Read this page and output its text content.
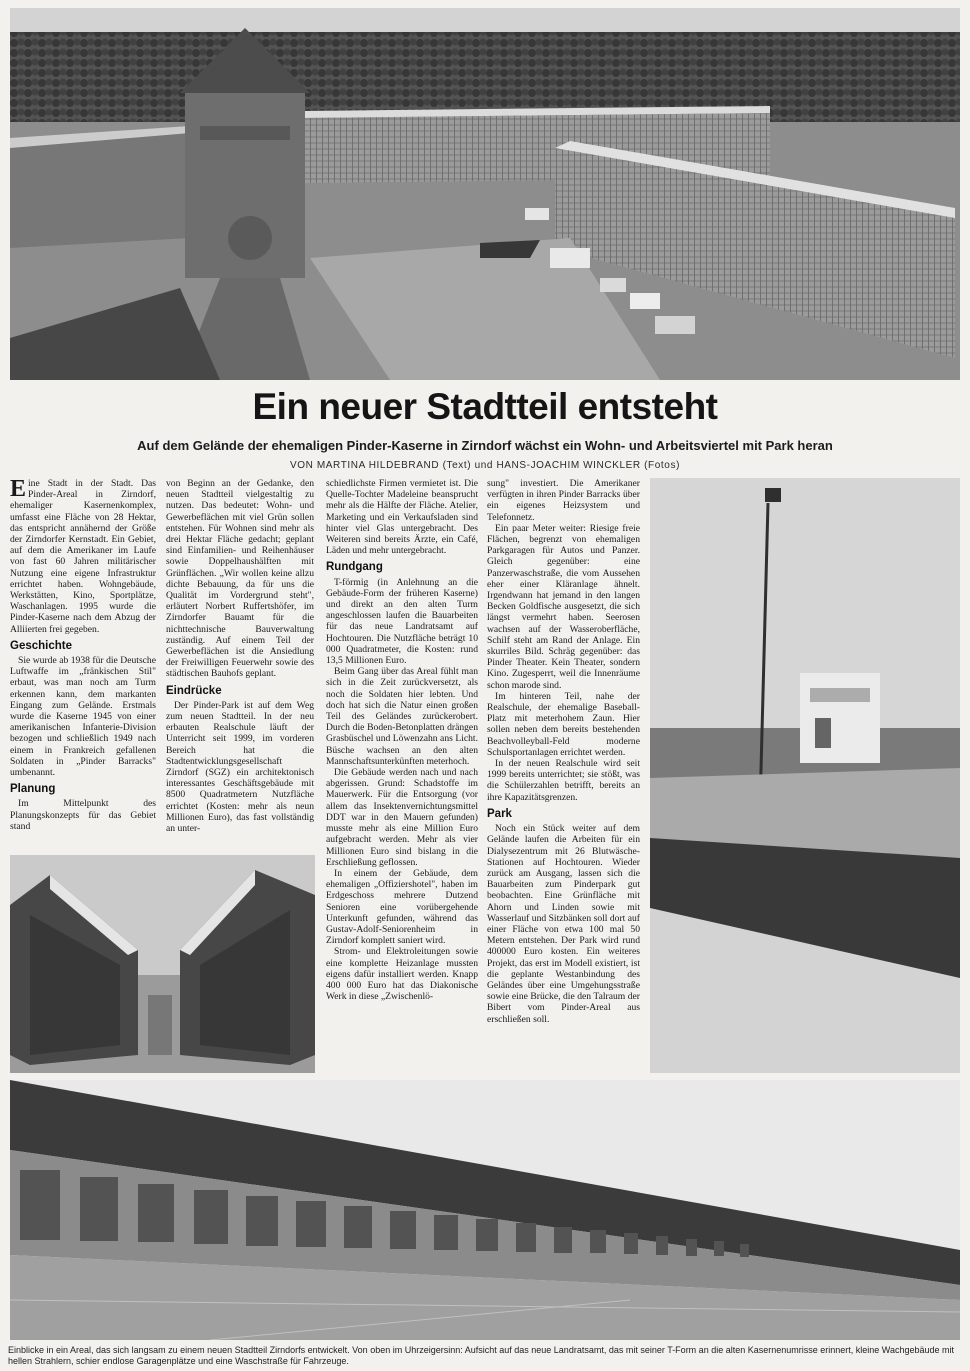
Ein neuer Stadtteil entsteht
Auf dem Gelände der ehemaligen Pinder-Kaserne in Zirndorf wächst ein Wohn- und Arbeitsviertel mit Park heran

VON MARTINA HILDEBRAND (Text) und HANS-JOACHIM WINCKLER (Fotos)

Eine Stadt in der Stadt. Das Pinder-Areal in Zirndorf, ehemaliger Kasernenkomplex, umfasst eine Fläche von 28 Hektar, das entspricht annähernd der Größe der Zirndorfer Kernstadt. Ein Gebiet, auf dem die Amerikaner im Laufe von fast 60 Jahren militärischer Nutzung eine eigene Infrastruktur errichtet haben. Wohngebäude, Werkstätten, Kino, Sportplätze, Waschanlagen. 1995 wurde die Pinder-Kaserne nach dem Abzug der Alliierten frei gegeben.

Geschichte

Sie wurde ab 1938 für die Deutsche Luftwaffe im „fränkischen Stil" erbaut, was man noch am Turm erkennen kann, dem markanten Eingang zum Gelände. Erstmals wurde die Kaserne 1945 von einer amerikanischen Infanterie-Division bezogen und schließlich 1949 nach einem in Frankreich gefallenen Soldaten in „Pinder Barracks" umbenannt.

Planung

Im Mittelpunkt des Planungskonzepts für das Gebiet stand

von Beginn an der Gedanke, den neuen Stadtteil vielgestaltig zu nutzen. Das bedeutet: Wohn- und Gewerbeflächen mit viel Grün sollen entstehen. Für Wohnen sind mehr als drei Hektar Fläche gedacht; geplant sind Einfamilien- und Reihenhäuser sowie Doppelhaushälften mit Grünflächen. „Wir wollen keine allzu dichte Bebauung, da für uns die Qualität im Vordergrund steht", erläutert Norbert Ruffertshöfer, im Zirndorfer Bauamt für die nichttechnische Bauverwaltung zuständig. Auf einem Teil der Gewerbeflächen ist die Ansiedlung der Freiwilligen Feuerwehr sowie des städtischen Bauhofs geplant.

Eindrücke

Der Pinder-Park ist auf dem Weg zum neuen Stadtteil. In der neu erbauten Realschule läuft der Unterricht seit 1999, im vorderen Bereich hat die Stadtentwicklungsgesellschaft Zirndorf (SGZ) ein architektonisch interessantes Geschäftsgebäude mit 8500 Quadratmetern Nutzfläche errichtet (Kosten: mehr als neun Millionen Euro), das fast vollständig an unter-

schiedlichste Firmen vermietet ist. Die Quelle-Tochter Madeleine beansprucht mehr als die Hälfte der Fläche. Atelier, Marketing und ein Verkaufsladen sind hinter viel Glas untergebracht. Des Weiteren sind bereits Ärzte, ein Café, Läden und mehr untergebracht.

Rundgang

T-förmig (in Anlehnung an die Gebäude-Form der früheren Kaserne) und direkt an den alten Turm angeschlossen laufen die Bauarbeiten für das neue Landratsamt auf Hochtouren. Die Nutzfläche beträgt 10 000 Quadratmeter, die Kosten: rund 13,5 Millionen Euro.

Beim Gang über das Areal fühlt man sich in die Zeit zurückversetzt, als noch die Soldaten hier lebten. Und doch hat sich die Natur einen großen Teil des Geländes zurückerobert. Durch die Boden-Betonplatten drängen Grasbüschel und Löwenzahn ans Licht. Büsche wachsen an den alten Mannschaftsunterkünften meterhoch.

Die Gebäude werden nach und nach abgerissen. Grund: Schadstoffe im Mauerwerk. Für die Entsorgung (vor allem das Insektenvernichtungsmittel DDT war in den Mauern gefunden) musste mehr als eine Million Euro aufgebracht werden. Mehr als vier Millionen Euro sind bislang in die Erschließung geflossen.

In einem der Gebäude, dem ehemaligen „Offiziershotel", haben im Erdgeschoss mehrere Dutzend Senioren eine vorübergehende Unterkunft gefunden, während das Gustav-Adolf-Seniorenheim in Zirndorf komplett saniert wird.

Strom- und Elektroleitungen sowie eine komplette Heizanlage mussten eigens dafür installiert werden. Knapp 400 000 Euro hat das Diakonische Werk in diese „Zwischenlö-

sung" investiert. Die Amerikaner verfügten in ihren Pinder Barracks über ein eigenes Heizsystem und Telefonnetz.

Ein paar Meter weiter: Riesige freie Flächen, begrenzt von ehemaligen Parkgaragen für Autos und Panzer. Gleich gegenüber: eine Panzerwaschstraße, die vom Aussehen eher einer Kläranlage ähnelt. Irgendwann hat jemand in den langen Becken Goldfische ausgesetzt, die sich längst vermehrt haben. Seerosen wachsen auf der Wasseroberfläche, Schilf steht am Rand der Anlage. Ein skurriles Bild. Schräg gegenüber: das Pinder Theater. Kein Theater, sondern Kino. Zugesperrt, weil die Innenräume schon marode sind.

Im hinteren Teil, nahe der Realschule, der ehemalige Baseball-Platz mit meterhohem Zaun. Hier sollen neben dem bereits bestehenden Beachvolleyball-Feld moderne Schulsportanlagen errichtet werden.

In der neuen Realschule wird seit 1999 bereits unterrichtet; sie stößt, was die Schülerzahlen betrifft, bereits an ihre Kapazitätsgrenzen.

Park

Noch ein Stück weiter auf dem Gelände laufen die Arbeiten für ein Dialysezentrum mit 26 Blutwäsche-Stationen auf Hochtouren. Wieder zurück am Ausgang, lassen sich die Bauarbeiten zum Pinderpark gut beobachten. Eine Grünfläche mit Ahorn und Linden sowie mit Wasserlauf und Sitzbänken soll dort auf einer Fläche von etwa 100 mal 50 Metern entstehen. Der Park wird rund 400000 Euro kosten. Ein weiteres Projekt, das erst im Modell existiert, ist die geplante Westanbindung des Geländes über eine Umgehungsstraße sowie eine Brücke, die den Talraum der Bibert vom Pinder-Areal aus erschließen soll.

Einblicke in ein Areal, das sich langsam zu einem neuen Stadtteil Zirndorfs entwickelt. Von oben im Uhrzeigersinn: Aufsicht auf das neue Landratsamt, das mit seiner T-Form an die alten Kasernenumrisse erinnert, kleine Wachgebäude mit hellen Strahlern, schier endlose Garagenplätze und eine Waschstraße für Fahrzeuge.
